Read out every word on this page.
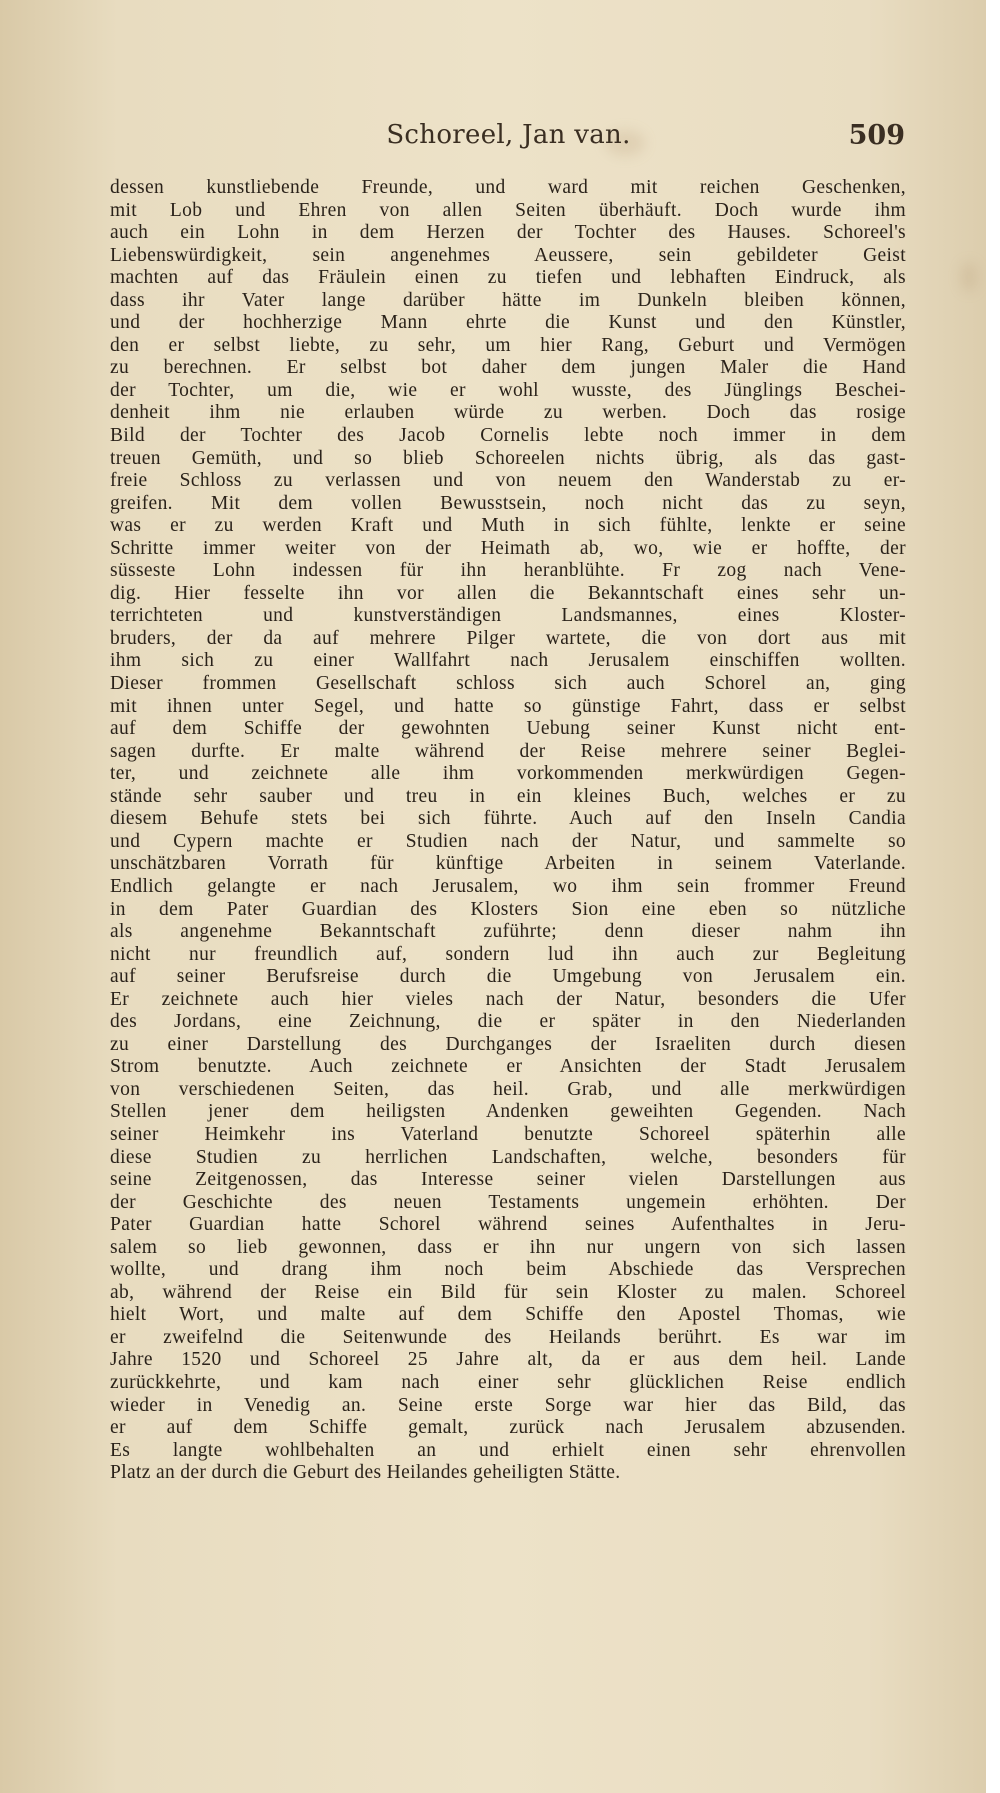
Schoreel, Jan van.	509
dessen kunstliebende Freunde, und ward mit reichen Geschenken,
mit Lob und Ehren von allen Seiten überhäuft. Doch wurde ihm
auch ein Lohn in dem Herzen der Tochter des Hauses. Schoreel's
Liebenswürdigkeit, sein angenehmes Aeussere, sein gebildeter Geist
machten auf das Fräulein einen zu tiefen und lebhaften Eindruck, als
dass ihr Vater lange darüber hätte im Dunkeln bleiben können,
und der hochherzige Mann ehrte die Kunst und den Künstler,
den er selbst liebte, zu sehr, um hier Rang, Geburt und Vermögen
zu berechnen. Er selbst bot daher dem jungen Maler die Hand
der Tochter, um die, wie er wohl wusste, des Jünglings Beschei-
denheit ihm nie erlauben würde zu werben. Doch das rosige
Bild der Tochter des Jacob Cornelis lebte noch immer in dem
treuen Gemüth, und so blieb Schoreelen nichts übrig, als das gast-
freie Schloss zu verlassen und von neuem den Wanderstab zu er-
greifen. Mit dem vollen Bewusstsein, noch nicht das zu seyn,
was er zu werden Kraft und Muth in sich fühlte, lenkte er seine
Schritte immer weiter von der Heimath ab, wo, wie er hoffte, der
süsseste Lohn indessen für ihn heranblühte. Fr zog nach Vene-
dig. Hier fesselte ihn vor allen die Bekanntschaft eines sehr un-
terrichteten und kunstverständigen Landsmannes, eines Kloster-
bruders, der da auf mehrere Pilger wartete, die von dort aus mit
ihm sich zu einer Wallfahrt nach Jerusalem einschiffen wollten.
Dieser frommen Gesellschaft schloss sich auch Schorel an, ging
mit ihnen unter Segel, und hatte so günstige Fahrt, dass er selbst
auf dem Schiffe der gewohnten Uebung seiner Kunst nicht ent-
sagen durfte. Er malte während der Reise mehrere seiner Beglei-
ter, und zeichnete alle ihm vorkommenden merkwürdigen Gegen-
stände sehr sauber und treu in ein kleines Buch, welches er zu
diesem Behufe stets bei sich führte. Auch auf den Inseln Candia
und Cypern machte er Studien nach der Natur, und sammelte so
unschätzbaren Vorrath für künftige Arbeiten in seinem Vaterlande.
Endlich gelangte er nach Jerusalem, wo ihm sein frommer Freund
in dem Pater Guardian des Klosters Sion eine eben so nützliche
als angenehme Bekanntschaft zuführte; denn dieser nahm ihn
nicht nur freundlich auf, sondern lud ihn auch zur Begleitung
auf seiner Berufsreise durch die Umgebung von Jerusalem ein.
Er zeichnete auch hier vieles nach der Natur, besonders die Ufer
des Jordans, eine Zeichnung, die er später in den Niederlanden
zu einer Darstellung des Durchganges der Israeliten durch diesen
Strom benutzte. Auch zeichnete er Ansichten der Stadt Jerusalem
von verschiedenen Seiten, das heil. Grab, und alle merkwürdigen
Stellen jener dem heiligsten Andenken geweihten Gegenden. Nach
seiner Heimkehr ins Vaterland benutzte Schoreel späterhin alle
diese Studien zu herrlichen Landschaften, welche, besonders für
seine Zeitgenossen, das Interesse seiner vielen Darstellungen aus
der Geschichte des neuen Testaments ungemein erhöhten. Der
Pater Guardian hatte Schorel während seines Aufenthaltes in Jeru-
salem so lieb gewonnen, dass er ihn nur ungern von sich lassen
wollte, und drang ihm noch beim Abschiede das Versprechen
ab, während der Reise ein Bild für sein Kloster zu malen. Schoreel
hielt Wort, und malte auf dem Schiffe den Apostel Thomas, wie
er zweifelnd die Seitenwunde des Heilands berührt. Es war im
Jahre 1520 und Schoreel 25 Jahre alt, da er aus dem heil. Lande
zurückkehrte, und kam nach einer sehr glücklichen Reise endlich
wieder in Venedig an. Seine erste Sorge war hier das Bild, das
er auf dem Schiffe gemalt, zurück nach Jerusalem abzusenden.
Es langte wohlbehalten an und erhielt einen sehr ehrenvollen
Platz an der durch die Geburt des Heilandes geheiligten Stätte.
